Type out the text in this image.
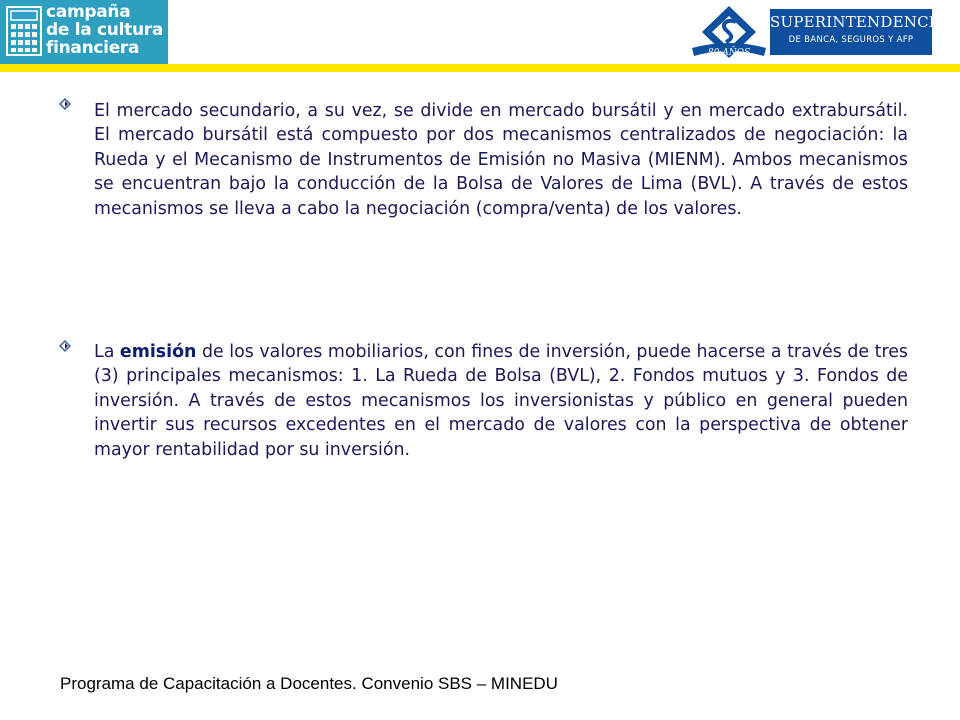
campaña
de la cultura
financiera	80 AÑOS
SUPERINTENDENCIA
DE BANCA, SEGUROS Y AFP

El mercado secundario, a su vez, se divide en mercado bursátil y en mercado extrabursátil. El mercado bursátil está compuesto por dos mecanismos centralizados de negociación: la Rueda y el Mecanismo de Instrumentos de Emisión no Masiva (MIENM). Ambos mecanismos se encuentran bajo la conducción de la Bolsa de Valores de Lima (BVL). A través de estos mecanismos se lleva a cabo la negociación (compra/venta) de los valores.

La emisión de los valores mobiliarios, con fines de inversión, puede hacerse a través de tres (3) principales mecanismos: 1. La Rueda de Bolsa (BVL), 2. Fondos mutuos y 3. Fondos de inversión. A través de estos mecanismos los inversionistas y público en general pueden invertir sus recursos excedentes en el mercado de valores con la perspectiva de obtener mayor rentabilidad por su inversión.

Programa de Capacitación a Docentes. Convenio SBS – MINEDU
